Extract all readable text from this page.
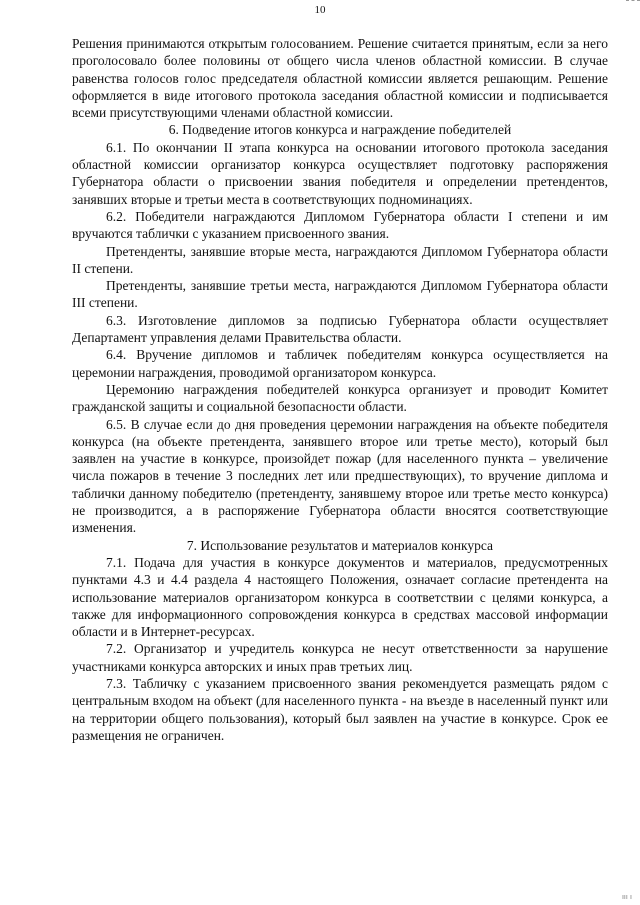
10

Решения принимаются открытым голосованием. Решение считается принятым, если за него проголосовало более половины от общего числа членов областной комиссии. В случае равенства голосов голос председателя областной комиссии является решающим. Решение оформляется в виде итогового протокола заседания областной комиссии и подписывается всеми присутствующими членами областной комиссии.

6. Подведение итогов конкурса и награждение победителей

6.1. По окончании II этапа конкурса на основании итогового протокола заседания областной комиссии организатор конкурса осуществляет подготовку распоряжения Губернатора области о присвоении звания победителя и определении претендентов, занявших вторые и третьи места в соответствующих подноминациях.

6.2. Победители награждаются Дипломом Губернатора области I степени и им вручаются таблички с указанием присвоенного звания.

Претенденты, занявшие вторые места, награждаются Дипломом Губернатора области II степени.

Претенденты, занявшие третьи места, награждаются Дипломом Губернатора области III степени.

6.3. Изготовление дипломов за подписью Губернатора области осуществляет Департамент управления делами Правительства области.

6.4. Вручение дипломов и табличек победителям конкурса осуществляется на церемонии награждения, проводимой организатором конкурса.

Церемонию награждения победителей конкурса организует и проводит Комитет гражданской защиты и социальной безопасности области.

6.5. В случае если до дня проведения церемонии награждения на объекте победителя конкурса (на объекте претендента, занявшего второе или третье место), который был заявлен на участие в конкурсе, произойдет пожар (для населенного пункта – увеличение числа пожаров в течение 3 последних лет или предшествующих), то вручение диплома и таблички данному победителю (претенденту, занявшему второе или третье место конкурса) не производится, а в распоряжение Губернатора области вносятся соответствующие изменения.

7. Использование результатов и материалов конкурса

7.1. Подача для участия в конкурсе документов и материалов, предусмотренных пунктами 4.3 и 4.4 раздела 4 настоящего Положения, означает согласие претендента на использование материалов организатором конкурса в соответствии с целями конкурса, а также для информационного сопровождения конкурса в средствах массовой информации области и в Интернет-ресурсах.

7.2. Организатор и учредитель конкурса не несут ответственности за нарушение участниками конкурса авторских и иных прав третьих лиц.

7.3. Табличку с указанием присвоенного звания рекомендуется размещать рядом с центральным входом на объект (для населенного пункта - на въезде в населенный пункт или на территории общего пользования), который был заявлен на участие в конкурсе. Срок ее размещения не ограничен.

ııı ı
